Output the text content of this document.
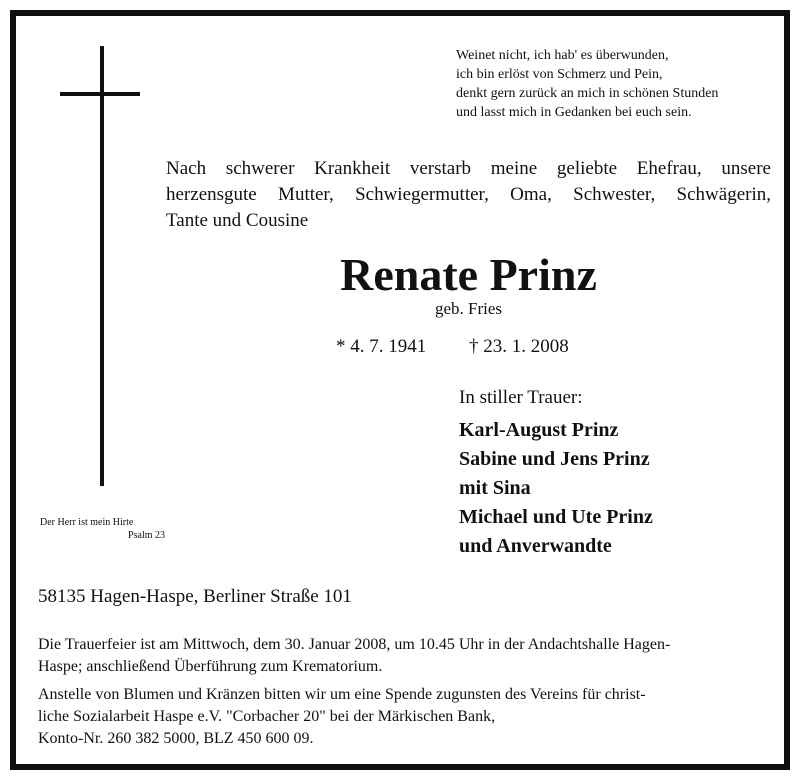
Weinet nicht, ich hab' es überwunden,
ich bin erlöst von Schmerz und Pein,
denkt gern zurück an mich in schönen Stunden
und lasst mich in Gedanken bei euch sein.
Nach schwerer Krankheit verstarb meine geliebte Ehefrau, unsere
herzensgute Mutter, Schwiegermutter, Oma, Schwester, Schwägerin,
Tante und Cousine
Renate Prinz
geb. Fries
* 4. 7. 1941 † 23. 1. 2008
In stiller Trauer:
Karl-August Prinz
Sabine und Jens Prinz
mit Sina
Michael und Ute Prinz
und Anverwandte
Der Herr ist mein Hirte
Psalm 23
58135 Hagen-Haspe, Berliner Straße 101
Die Trauerfeier ist am Mittwoch, dem 30. Januar 2008, um 10.45 Uhr in der Andachtshalle Hagen-
Haspe; anschließend Überführung zum Krematorium.
Anstelle von Blumen und Kränzen bitten wir um eine Spende zugunsten des Vereins für christ-
liche Sozialarbeit Haspe e.V. "Corbacher 20" bei der Märkischen Bank,
Konto-Nr. 260 382 5000, BLZ 450 600 09.
